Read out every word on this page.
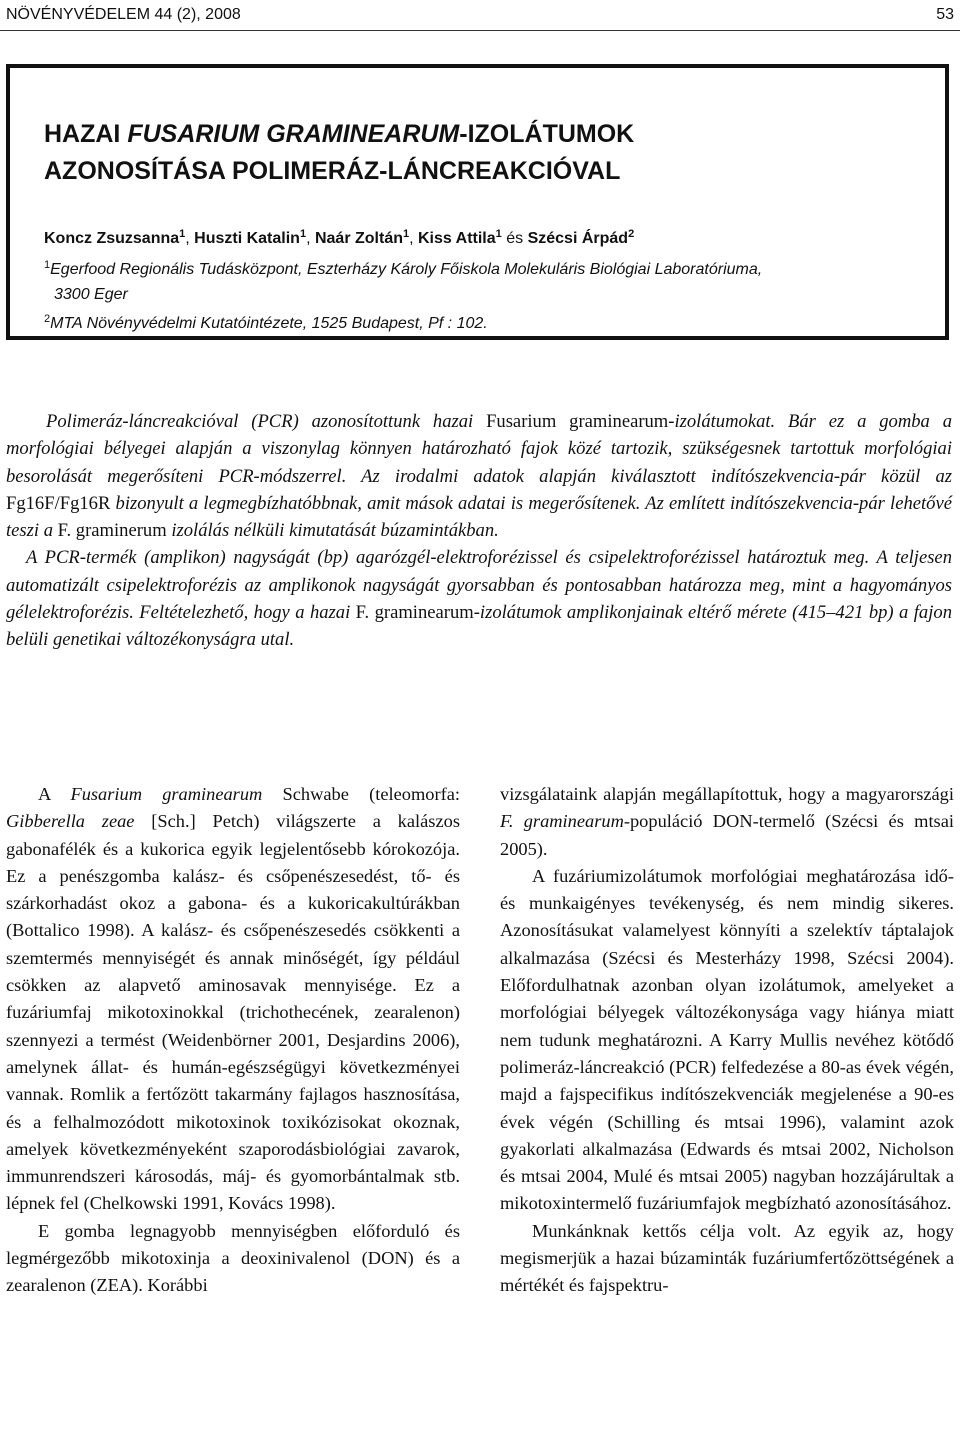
NÖVÉNYVÉDELEM 44 (2), 2008	53
HAZAI FUSARIUM GRAMINEARUM-IZOLÁTUMOK
AZONOSÍTÁSA POLIMERÁZ-LÁNCREAKCIÓVAL
Koncz Zsuzsanna$^1$, Huszti Katalin$^1$, Naár Zoltán$^1$, Kiss Attila$^1$ és Szécsi Árpád$^2$
$^1$Egerfood Regionális Tudásközpont, Eszterházy Károly Főiskola Molekuláris Biológiai Laboratóriuma,
3300 Eger
$^2$MTA Növényvédelmi Kutatóintézete, 1525 Budapest, Pf : 102.

Polimeráz-láncreakcióval (PCR) azonosítottunk hazai Fusarium graminearum-izolátumokat. Bár ez a gomba a morfológiai bélyegei alapján a viszonylag könnyen határozható fajok közé tartozik, szükségesnek tartottuk morfológiai besorolását megerősíteni PCR-módszerrel. Az irodalmi adatok alapján kiválasztott indítószekvencia-pár közül az Fg16F/Fg16R bizonyult a legmegbízhatóbbnak, amit mások adatai is megerősítenek. Az említett indítószekvencia-pár lehetővé teszi a F. graminerum izolálás nélküli kimutatását búzamintákban.

A PCR-termék (amplikon) nagyságát (bp) agarózgél-elektroforézissel és csipelektroforézissel határoztuk meg. A teljesen automatizált csipelektroforézis az amplikonok nagyságát gyorsabban és pontosabban határozza meg, mint a hagyományos gélelektroforézis. Feltételezhető, hogy a hazai F. graminearum-izolátumok amplikonjainak eltérő mérete (415–421 bp) a fajon belüli genetikai változékonyságra utal.

A Fusarium graminearum Schwabe (teleomorfa: Gibberella zeae [Sch.] Petch) világszerte a kalászos gabonafélék és a kukorica egyik legjelentősebb kórokozója. Ez a penészgomba kalász- és csőpenészesedést, tő- és szárkorhadást okoz a gabona- és a kukoricakultúrákban (Bottalico 1998). A kalász- és csőpenészesedés csökkenti a szemtermés mennyiségét és annak minőségét, így például csökken az alapvető aminosavak mennyisége. Ez a fuzáriumfaj mikotoxinokkal (trichothecének, zearalenon) szennyezi a termést (Weidenbörner 2001, Desjardins 2006), amelynek állat- és humán-egészségügyi következményei vannak. Romlik a fertőzött takarmány fajlagos hasznosítása, és a felhalmozódott mikotoxinok toxikózisokat okoznak, amelyek következményeként szaporodásbiológiai zavarok, immunrendszeri károsodás, máj- és gyomorbántalmak stb. lépnek fel (Chelkowski 1991, Kovács 1998).

E gomba legnagyobb mennyiségben előforduló és legmérgezőbb mikotoxinja a deoxinivalenol (DON) és a zearalenon (ZEA). Korábbi

vizsgálataink alapján megállapítottuk, hogy a magyarországi F. graminearum-populáció DON-termelő (Szécsi és mtsai 2005).

A fuzáriumizolátumok morfológiai meghatározása idő- és munkaigényes tevékenység, és nem mindig sikeres. Azonosításukat valamelyest könnyíti a szelektív táptalajok alkalmazása (Szécsi és Mesterházy 1998, Szécsi 2004). Előfordulhatnak azonban olyan izolátumok, amelyeket a morfológiai bélyegek változékonysága vagy hiánya miatt nem tudunk meghatározni. A Karry Mullis nevéhez kötődő polimeráz-láncreakció (PCR) felfedezése a 80-as évek végén, majd a fajspecifikus indítószekvenciák megjelenése a 90-es évek végén (Schilling és mtsai 1996), valamint azok gyakorlati alkalmazása (Edwards és mtsai 2002, Nicholson és mtsai 2004, Mulé és mtsai 2005) nagyban hozzájárultak a mikotoxintermelő fuzáriumfajok megbízható azonosításához.

Munkánknak kettős célja volt. Az egyik az, hogy megismerjük a hazai búzaminták fuzáriumfertőzöttségének a mértékét és fajspektru-
